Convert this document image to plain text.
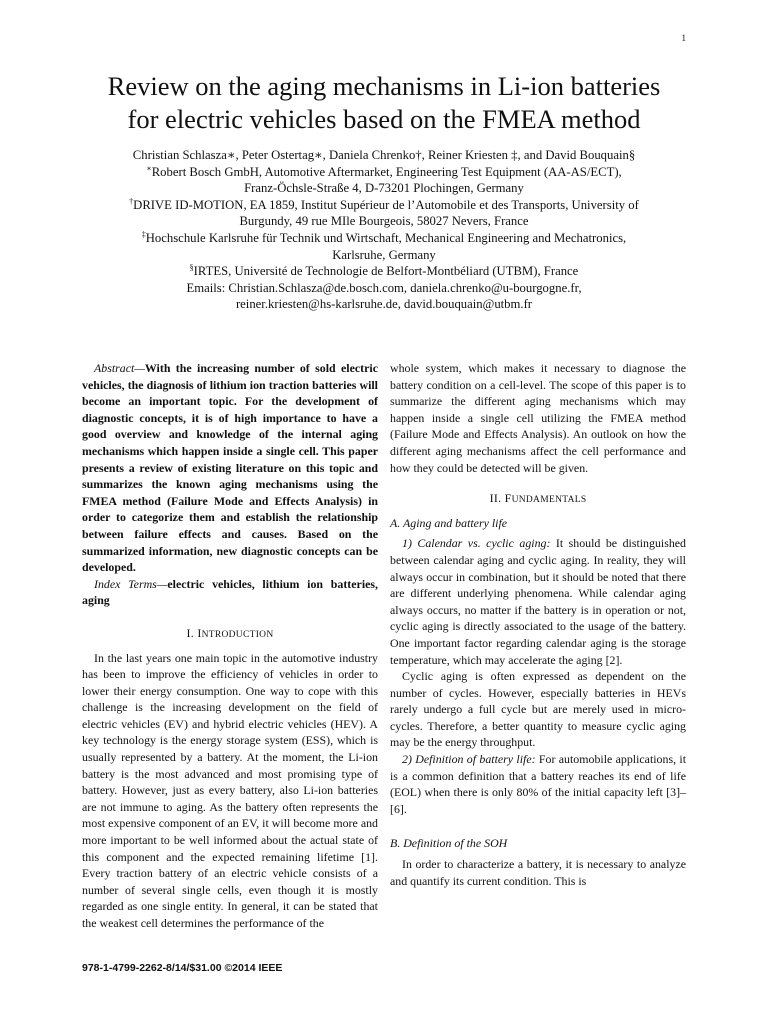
1
Review on the aging mechanisms in Li-ion batteries
for electric vehicles based on the FMEA method
Christian Schlasza∗, Peter Ostertag∗, Daniela Chrenko†, Reiner Kriesten ‡, and David Bouquain§
∗Robert Bosch GmbH, Automotive Aftermarket, Engineering Test Equipment (AA-AS/ECT),
Franz-Öchsle-Straße 4, D-73201 Plochingen, Germany
†DRIVE ID-MOTION, EA 1859, Institut Supérieur de l’Automobile et des Transports, University of
Burgundy, 49 rue MIle Bourgeois, 58027 Nevers, France
‡Hochschule Karlsruhe für Technik und Wirtschaft, Mechanical Engineering and Mechatronics,
Karlsruhe, Germany
§IRTES, Université de Technologie de Belfort-Montbéliard (UTBM), France
Emails: Christian.Schlasza@de.bosch.com, daniela.chrenko@u-bourgogne.fr,
reiner.kriesten@hs-karlsruhe.de, david.bouquain@utbm.fr

Abstract—With the increasing number of sold electric vehicles, the diagnosis of lithium ion traction batteries will become an important topic. For the development of diagnostic concepts, it is of high importance to have a good overview and knowledge of the internal aging mechanisms which happen inside a single cell. This paper presents a review of existing literature on this topic and summarizes the known aging mechanisms using the FMEA method (Failure Mode and Effects Analysis) in order to categorize them and establish the relationship between failure effects and causes. Based on the summarized information, new diagnostic concepts can be developed.

Index Terms—electric vehicles, lithium ion batteries, aging

I. INTRODUCTION

In the last years one main topic in the automotive industry has been to improve the efficiency of vehicles in order to lower their energy consumption. One way to cope with this challenge is the increasing development on the field of electric vehicles (EV) and hybrid electric vehicles (HEV). A key technology is the energy storage system (ESS), which is usually represented by a battery. At the moment, the Li-ion battery is the most advanced and most promising type of battery. However, just as every battery, also Li-ion batteries are not immune to aging. As the battery often represents the most expensive component of an EV, it will become more and more important to be well informed about the actual state of this component and the expected remaining lifetime [1]. Every traction battery of an electric vehicle consists of a number of several single cells, even though it is mostly regarded as one single entity. In general, it can be stated that the weakest cell determines the performance of the

whole system, which makes it necessary to diagnose the battery condition on a cell-level. The scope of this paper is to summarize the different aging mechanisms which may happen inside a single cell utilizing the FMEA method (Failure Mode and Effects Analysis). An outlook on how the different aging mechanisms affect the cell performance and how they could be detected will be given.

II. FUNDAMENTALS
A. Aging and battery life

1) Calendar vs. cyclic aging: It should be distinguished between calendar aging and cyclic aging. In reality, they will always occur in combination, but it should be noted that there are different underlying phenomena. While calendar aging always occurs, no matter if the battery is in operation or not, cyclic aging is directly associated to the usage of the battery. One important factor regarding calendar aging is the storage temperature, which may accelerate the aging [2].

Cyclic aging is often expressed as dependent on the number of cycles. However, especially batteries in HEVs rarely undergo a full cycle but are merely used in micro-cycles. Therefore, a better quantity to measure cyclic aging may be the energy throughput.

2) Definition of battery life: For automobile applications, it is a common definition that a battery reaches its end of life (EOL) when there is only 80% of the initial capacity left [3]–[6].

B. Definition of the SOH

In order to characterize a battery, it is necessary to analyze and quantify its current condition. This is

978-1-4799-2262-8/14/$31.00 ©2014 IEEE
